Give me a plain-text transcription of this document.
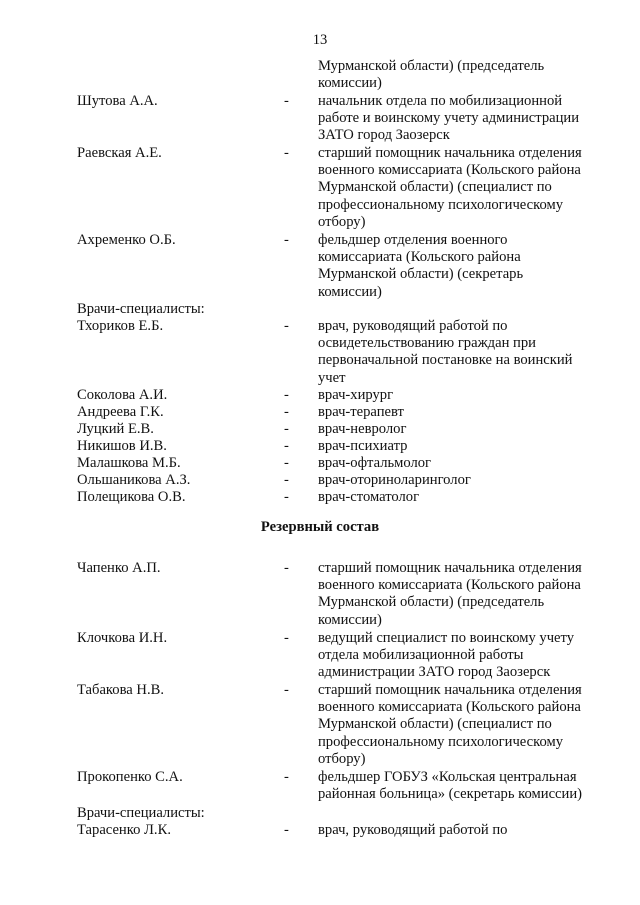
13
Мурманской области) (председатель
комиссии)
Шутова А.А.	- начальник отдела по мобилизационной
работе и воинскому учету администрации
ЗАТО город Заозерск
Раевская А.Е.	- старший помощник начальника отделения
военного комиссариата (Кольского района
Мурманской области) (специалист по
профессиональному психологическому
отбору)
Ахременко О.Б.	- фельдшер отделения военного
комиссариата (Кольского района
Мурманской области) (секретарь
комиссии)
Врачи-специалисты:
Тхориков Е.Б.	- врач, руководящий работой по
освидетельствованию граждан при
первоначальной постановке на воинский
учет
Соколова А.И.	- врач-хирург
Андреева Г.К.	- врач-терапевт
Луцкий Е.В.	- врач-невролог
Никишов И.В.	- врач-психиатр
Малашкова М.Б.	- врач-офтальмолог
Ольшаникова А.З.	- врач-оториноларинголог
Полещикова О.В.	- врач-стоматолог
Резервный состав
Чапенко А.П.	- старший помощник начальника отделения
военного комиссариата (Кольского района
Мурманской области) (председатель
комиссии)
Клочкова И.Н.	- ведущий специалист по воинскому учету
отдела мобилизационной работы
администрации ЗАТО город Заозерск
Табакова Н.В.	- старший помощник начальника отделения
военного комиссариата (Кольского района
Мурманской области) (специалист по
профессиональному психологическому
отбору)
Прокопенко С.А.	- фельдшер ГОБУЗ «Кольская центральная
районная больница» (секретарь комиссии)
Врачи-специалисты:
Тарасенко Л.К.	- врач, руководящий работой по
